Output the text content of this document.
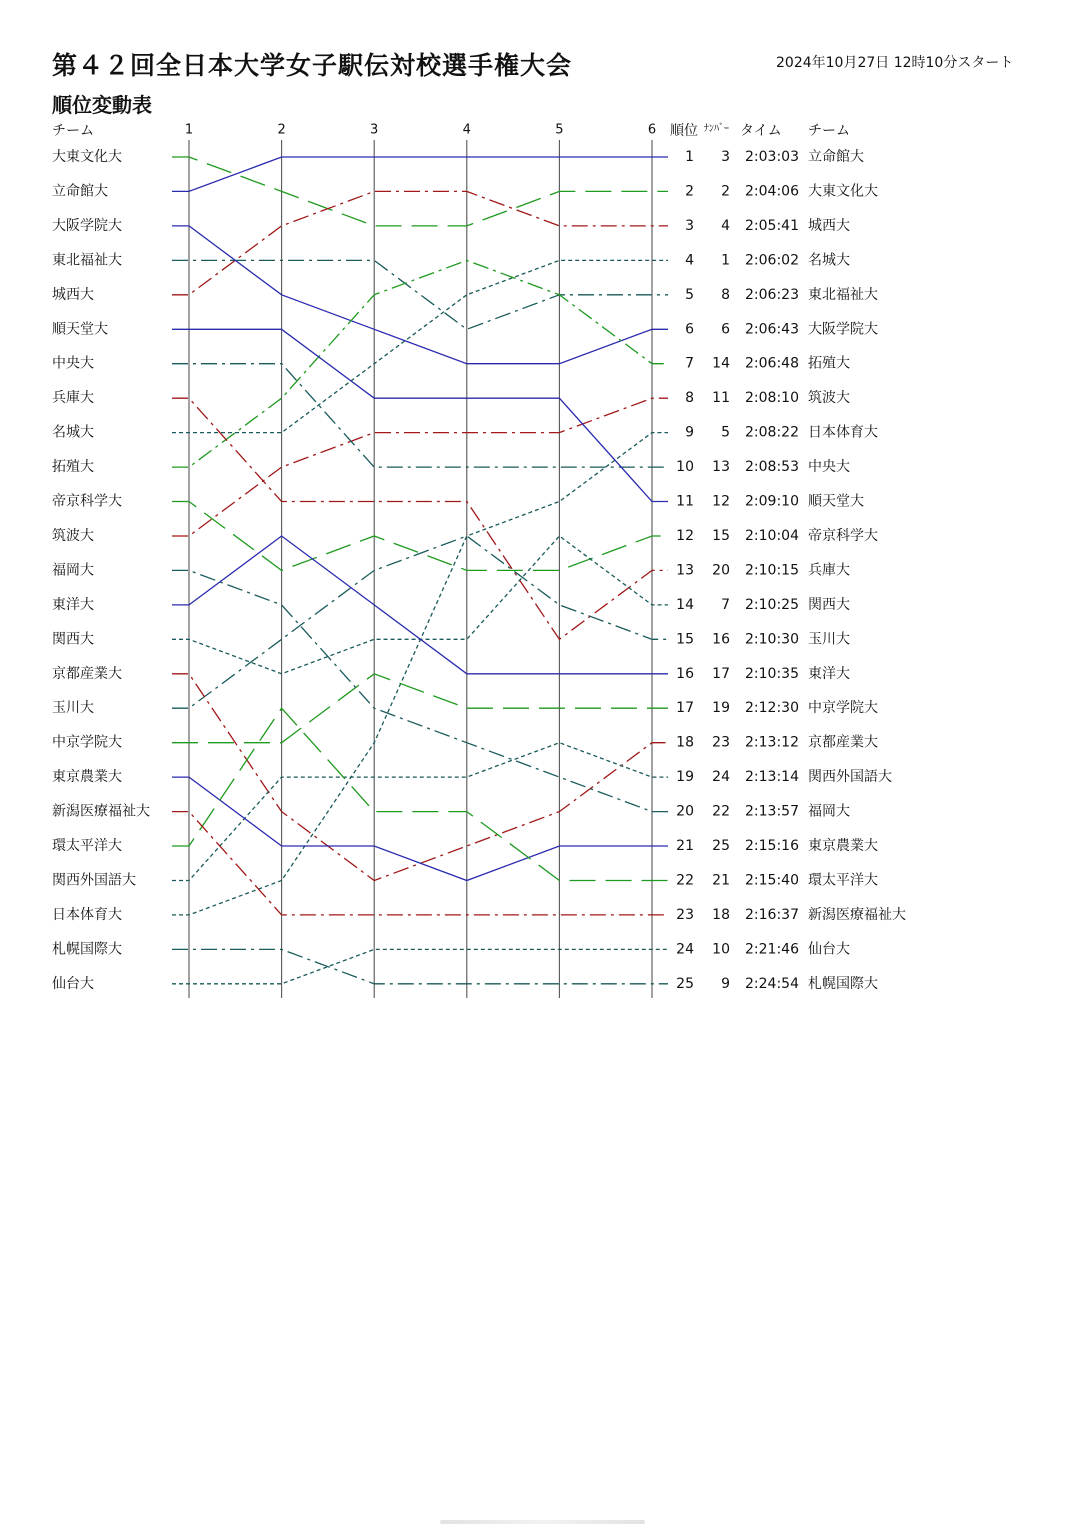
第４２回全日本大学女子駅伝対校選手権大会	2024年10月27日 12時10分スタート
順位変動表
1	2	3	4	5	6
チーム	順位 ﾅﾝﾊﾞｰ タイム チーム
大東文化大
立命館大
大阪学院大
東北福祉大
城西大
順天堂大
中央大
兵庫大
名城大
拓殖大
帝京科学大
筑波大
福岡大
東洋大
関西大
京都産業大
玉川大
中京学院大
東京農業大
新潟医療福祉大
環太平洋大
関西外国語大
日本体育大
札幌国際大
仙台大
1 3 2:03:03 立命館大
2 2 2:04:06 大東文化大
3 4 2:05:41 城西大
4 1 2:06:02 名城大
5 8 2:06:23 東北福祉大
6 6 2:06:43 大阪学院大
7 14 2:06:48 拓殖大
8 11 2:08:10 筑波大
9 5 2:08:22 日本体育大
10 13 2:08:53 中央大
11 12 2:09:10 順天堂大
12 15 2:10:04 帝京科学大
13 20 2:10:15 兵庫大
14 7 2:10:25 関西大
15 16 2:10:30 玉川大
16 17 2:10:35 東洋大
17 19 2:12:30 中京学院大
18 23 2:13:12 京都産業大
19 24 2:13:14 関西外国語大
20 22 2:13:57 福岡大
21 25 2:15:16 東京農業大
22 21 2:15:40 環太平洋大
23 18 2:16:37 新潟医療福祉大
24 10 2:21:46 仙台大
25 9 2:24:54 札幌国際大
